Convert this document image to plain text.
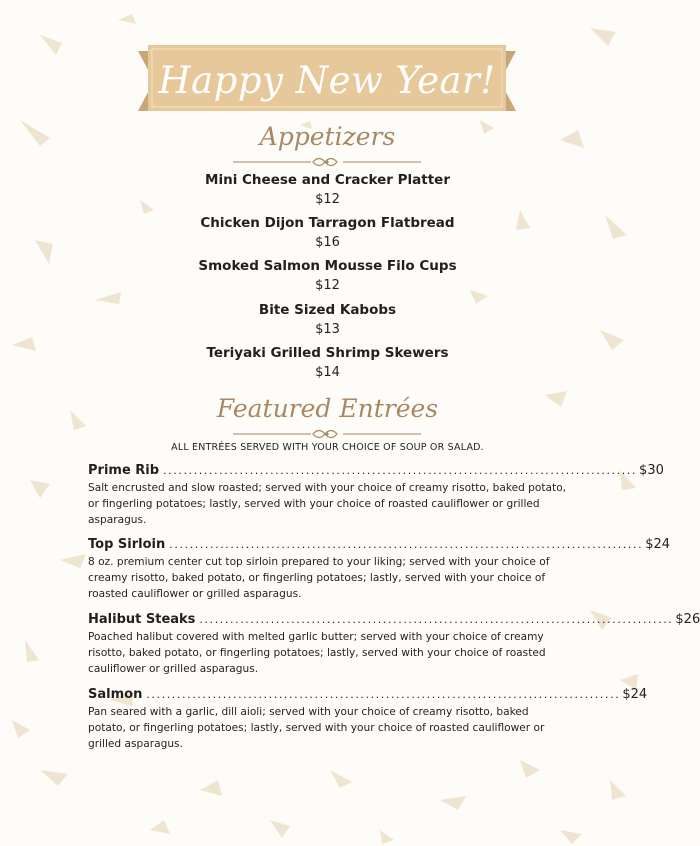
Happy New Year!
Appetizers
Mini Cheese and Cracker Platter
$12
Chicken Dijon Tarragon Flatbread
$16
Smoked Salmon Mousse Filo Cups
$12
Bite Sized Kabobs
$13
Teriyaki Grilled Shrimp Skewers
$14
Featured Entrées
ALL ENTRÉES SERVED WITH YOUR CHOICE OF SOUP OR SALAD.
Prime Rib ............................................................................................. $30
Salt encrusted and slow roasted; served with your choice of creamy risotto, baked potato, or fingerling potatoes; lastly, served with your choice of roasted cauliflower or grilled asparagus.
Top Sirloin ............................................................................................. $24
8 oz. premium center cut top sirloin prepared to your liking; served with your choice of creamy risotto, baked potato, or fingerling potatoes; lastly, served with your choice of roasted cauliflower or grilled asparagus.
Halibut Steaks ............................................................................................. $26
Poached halibut covered with melted garlic butter; served with your choice of creamy risotto, baked potato, or fingerling potatoes; lastly, served with your choice of roasted cauliflower or grilled asparagus.
Salmon ............................................................................................. $24
Pan seared with a garlic, dill aioli; served with your choice of creamy risotto, baked potato, or fingerling potatoes; lastly, served with your choice of roasted cauliflower or grilled asparagus.
